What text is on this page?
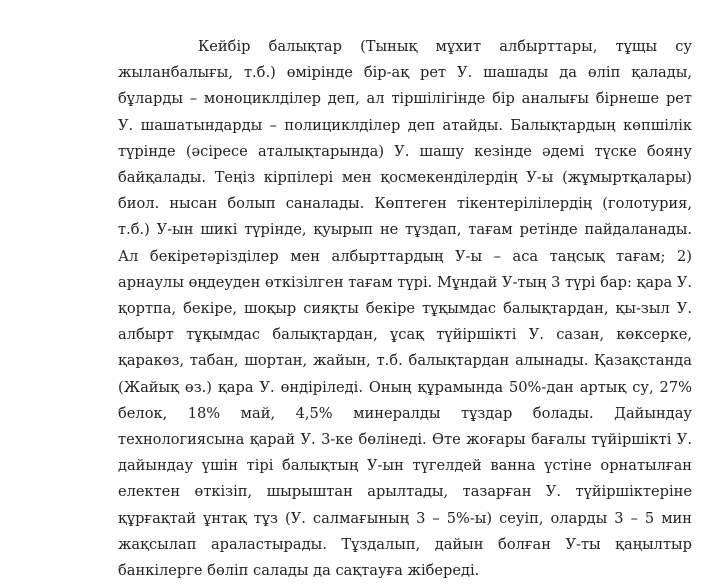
Кейбір балықтар (Тынық мұхит албырттары, тұщы су жыланбалығы, т.б.) өмірінде бір-ақ рет У. шашады да өліп қалады, бұларды – моноциклділер деп, ал тіршілігінде бір аналығы бірнеше рет У. шашатындарды – полициклділер деп атайды. Балықтардың көпшілік түрінде (әсіресе аталықтарында) У. шашу кезінде әдемі түске бояну байқалады. Теңіз кірпілері мен қосмекенділердің У-ы (жұмыртқалары) биол. нысан болып саналады. Көптеген тікентерілілердің (голотурия, т.б.) У-ын шикі түрінде, қуырып не тұздап, тағам ретінде пайдаланады. Ал бекіретәрізділер мен албырттардың У-ы – аса таңсық тағам; 2) арнаулы өңдеуден өткізілген тағам түрі. Мұндай У-тың 3 түрі бар: қара У. қортпа, бекіре, шоқыр сияқты бекіре тұқымдас балықтардан, қы-зыл У. албырт тұқымдас балықтардан, ұсақ түйіршікті У. сазан, көксерке, қаракөз, табан, шортан, жайын, т.б. балықтардан алынады. Қазақстанда (Жайық өз.) қара У. өндіріледі. Оның құрамында 50%-дан артық су, 27% белок, 18% май, 4,5% минералды тұздар болады. Дайындау технологиясына қарай У. 3-ке бөлінеді. Өте жоғары бағалы түйіршікті У. дайындау үшін тірі балықтың У-ын түгелдей ванна үстіне орнатылған електен өткізіп, шырыштан арылтады, тазарған У. түйіршіктеріне құрғақтай ұнтақ тұз (У. салмағының 3 – 5%-ы) сеуіп, оларды 3 – 5 мин жақсылап араластырады. Тұздалып, дайын болған У-ты қаңылтыр банкілерге бөліп салады да сақтауға жібереді.
